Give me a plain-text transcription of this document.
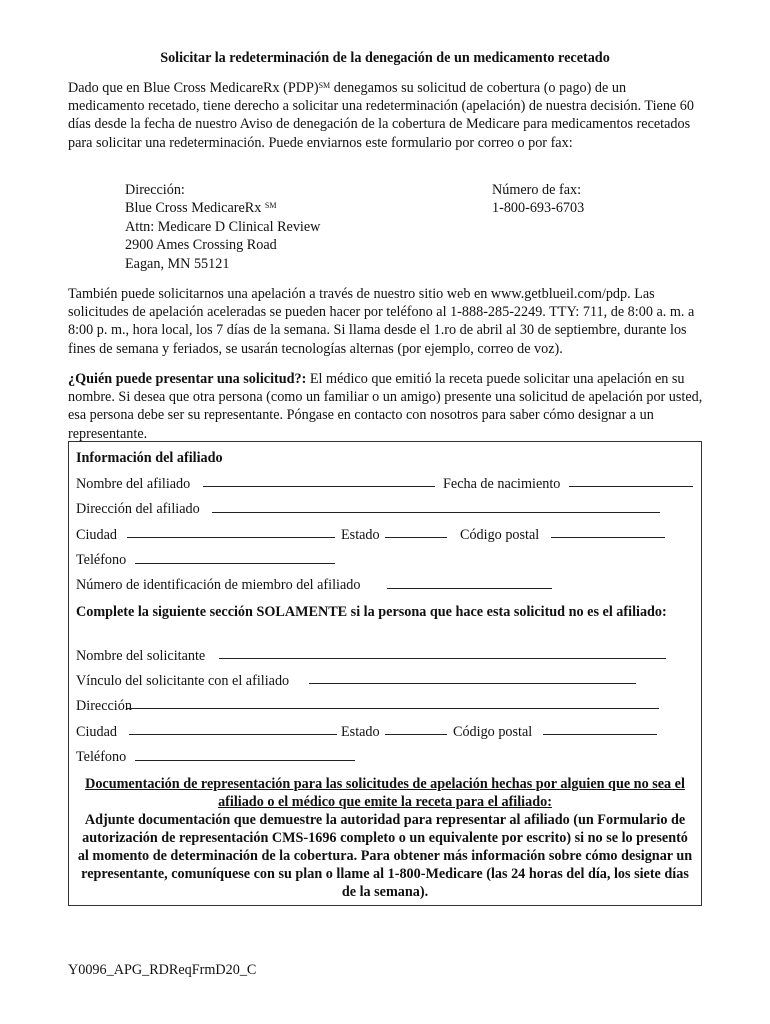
Solicitar la redeterminación de la denegación de un medicamento recetado
Dado que en Blue Cross MedicareRx (PDP)℠ denegamos su solicitud de cobertura (o pago) de un medicamento recetado, tiene derecho a solicitar una redeterminación (apelación) de nuestra decisión. Tiene 60 días desde la fecha de nuestro Aviso de denegación de la cobertura de Medicare para medicamentos recetados para solicitar una redeterminación. Puede enviarnos este formulario por correo o por fax:
Dirección:
Blue Cross MedicareRx ℠
Attn: Medicare D Clinical Review
2900 Ames Crossing Road
Eagan, MN 55121
Número de fax:
1-800-693-6703
También puede solicitarnos una apelación a través de nuestro sitio web en www.getblueil.com/pdp. Las solicitudes de apelación aceleradas se pueden hacer por teléfono al 1-888-285-2249. TTY: 711, de 8:00 a. m. a 8:00 p. m., hora local, los 7 días de la semana. Si llama desde el 1.ro de abril al 30 de septiembre, durante los fines de semana y feriados, se usarán tecnologías alternas (por ejemplo, correo de voz).
¿Quién puede presentar una solicitud?: El médico que emitió la receta puede solicitar una apelación en su nombre. Si desea que otra persona (como un familiar o un amigo) presente una solicitud de apelación por usted, esa persona debe ser su representante. Póngase en contacto con nosotros para saber cómo designar a un representante.
Información del afiliado
Nombre del afiliado	Fecha de nacimiento
Dirección del afiliado
Ciudad	Estado	Código postal
Teléfono
Número de identificación de miembro del afiliado
Complete la siguiente sección SOLAMENTE si la persona que hace esta solicitud no es el afiliado:
Nombre del solicitante
Vínculo del solicitante con el afiliado
Dirección
Ciudad	Estado	Código postal
Teléfono
Documentación de representación para las solicitudes de apelación hechas por alguien que no sea el afiliado o el médico que emite la receta para el afiliado:
Adjunte documentación que demuestre la autoridad para representar al afiliado (un Formulario de autorización de representación CMS-1696 completo o un equivalente por escrito) si no se lo presentó al momento de determinación de la cobertura. Para obtener más información sobre cómo designar un representante, comuníquese con su plan o llame al 1-800-Medicare (las 24 horas del día, los siete días de la semana).
Y0096_APG_RDReqFrmD20_C
